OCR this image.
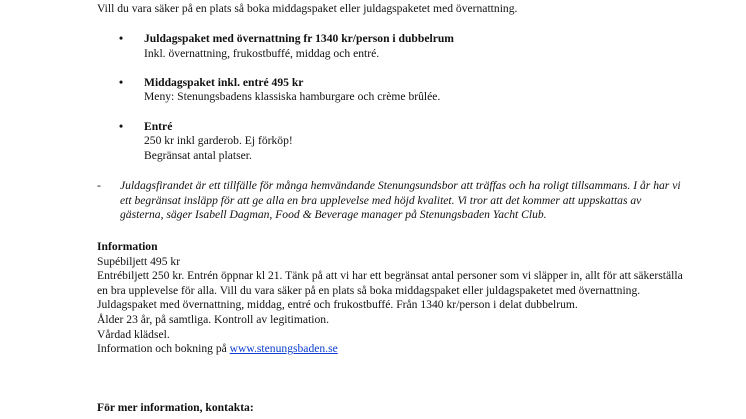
Vill du vara säker på en plats så boka middagspaket eller juldagspaketet med övernattning.
• Juldagspaket med övernattning fr 1340 kr/person i dubbelrum
Inkl. övernattning, frukostbuffé, middag och entré.
• Middagspaket inkl. entré 495 kr
Meny: Stenungsbadens klassiska hamburgare och crème brûlée.
• Entré
250 kr inkl garderob. Ej förköp!
Begränsat antal platser.
-	Juldagsfirandet är ett tillfälle för många hemvändande Stenungsundsbor att träffas och ha roligt tillsammans. I år har vi ett begränsat insläpp för att ge alla en bra upplevelse med höjd kvalitet. Vi tror att det kommer att uppskattas av gästerna, säger Isabell Dagman, Food & Beverage manager på Stenungsbaden Yacht Club.
Information
Supébiljett 495 kr
Entrébiljett 250 kr. Entrén öppnar kl 21. Tänk på att vi har ett begränsat antal personer som vi släpper in, allt för att säkerställa en bra upplevelse för alla. Vill du vara säker på en plats så boka middagspaket eller juldagspaketet med övernattning.
Juldagspaket med övernattning, middag, entré och frukostbuffé. Från 1340 kr/person i delat dubbelrum.
Ålder 23 år, på samtliga. Kontroll av legitimation.
Vårdad klädsel.
Information och bokning på www.stenungsbaden.se
För mer information, kontakta:
